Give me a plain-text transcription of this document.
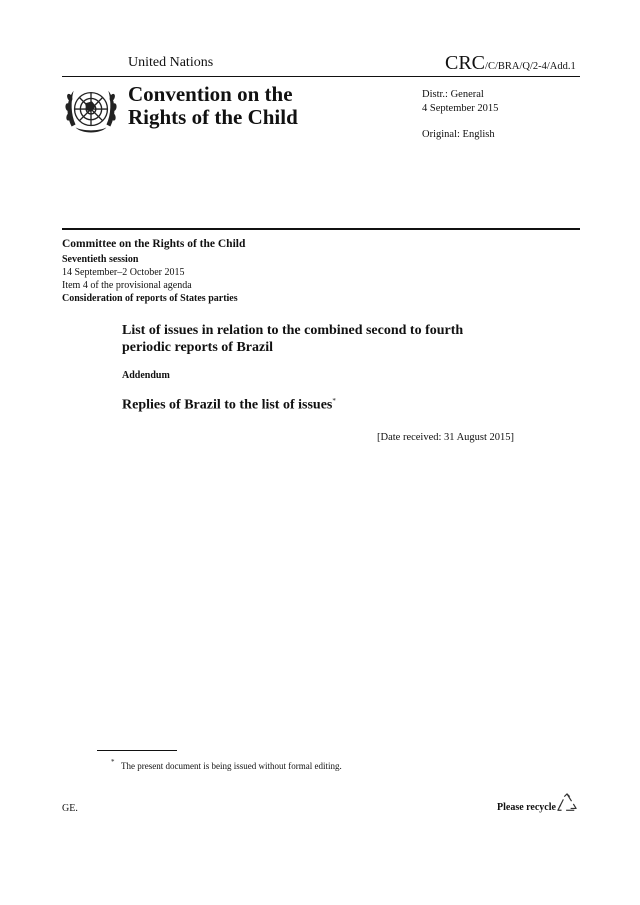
United Nations	CRC/C/BRA/Q/2-4/Add.1
Convention on the
Rights of the Child
Distr.: General
4 September 2015
Original: English
Committee on the Rights of the Child
Seventieth session
14 September–2 October 2015
Item 4 of the provisional agenda
Consideration of reports of States parties
List of issues in relation to the combined second to fourth
periodic reports of Brazil
Addendum
Replies of Brazil to the list of issues*
[Date received: 31 August 2015]
* The present document is being issued without formal editing.
GE.	Please recycle
